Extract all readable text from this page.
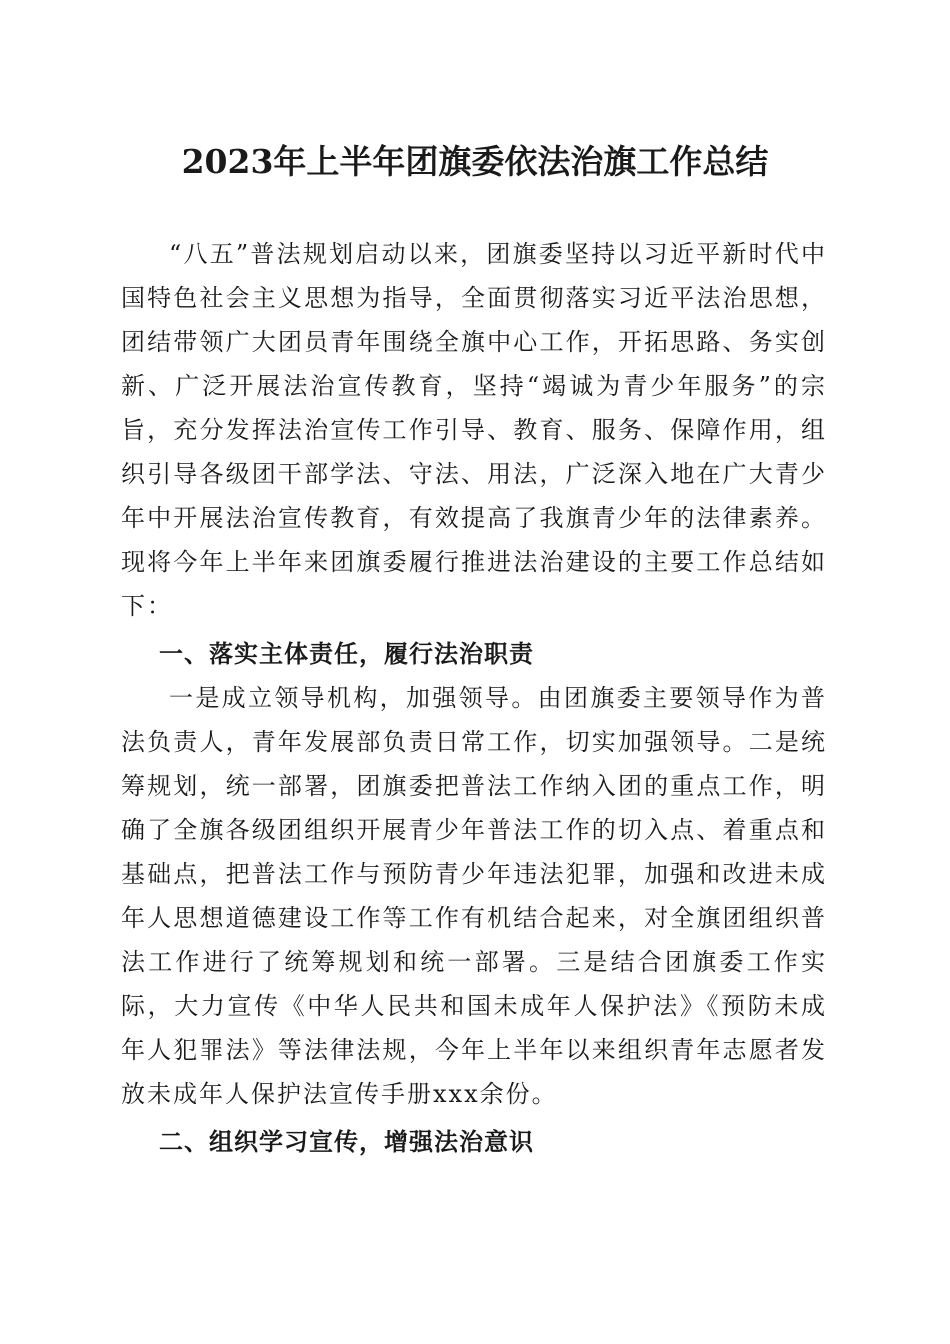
2023年上半年团旗委依法治旗工作总结

“八五”普法规划启动以来，团旗委坚持以习近平新时代中国特色社会主义思想为指导，全面贯彻落实习近平法治思想，团结带领广大团员青年围绕全旗中心工作，开拓思路、务实创新、广泛开展法治宣传教育，坚持“竭诚为青少年服务”的宗旨，充分发挥法治宣传工作引导、教育、服务、保障作用，组织引导各级团干部学法、守法、用法，广泛深入地在广大青少年中开展法治宣传教育，有效提高了我旗青少年的法律素养。现将今年上半年来团旗委履行推进法治建设的主要工作总结如下：

一、落实主体责任，履行法治职责

一是成立领导机构，加强领导。由团旗委主要领导作为普法负责人，青年发展部负责日常工作，切实加强领导。二是统筹规划，统一部署，团旗委把普法工作纳入团的重点工作，明确了全旗各级团组织开展青少年普法工作的切入点、着重点和基础点，把普法工作与预防青少年违法犯罪，加强和改进未成年人思想道德建设工作等工作有机结合起来，对全旗团组织普法工作进行了统筹规划和统一部署。三是结合团旗委工作实际，大力宣传《中华人民共和国未成年人保护法》《预防未成年人犯罪法》等法律法规，今年上半年以来组织青年志愿者发放未成年人保护法宣传手册xxx余份。

二、组织学习宣传，增强法治意识
